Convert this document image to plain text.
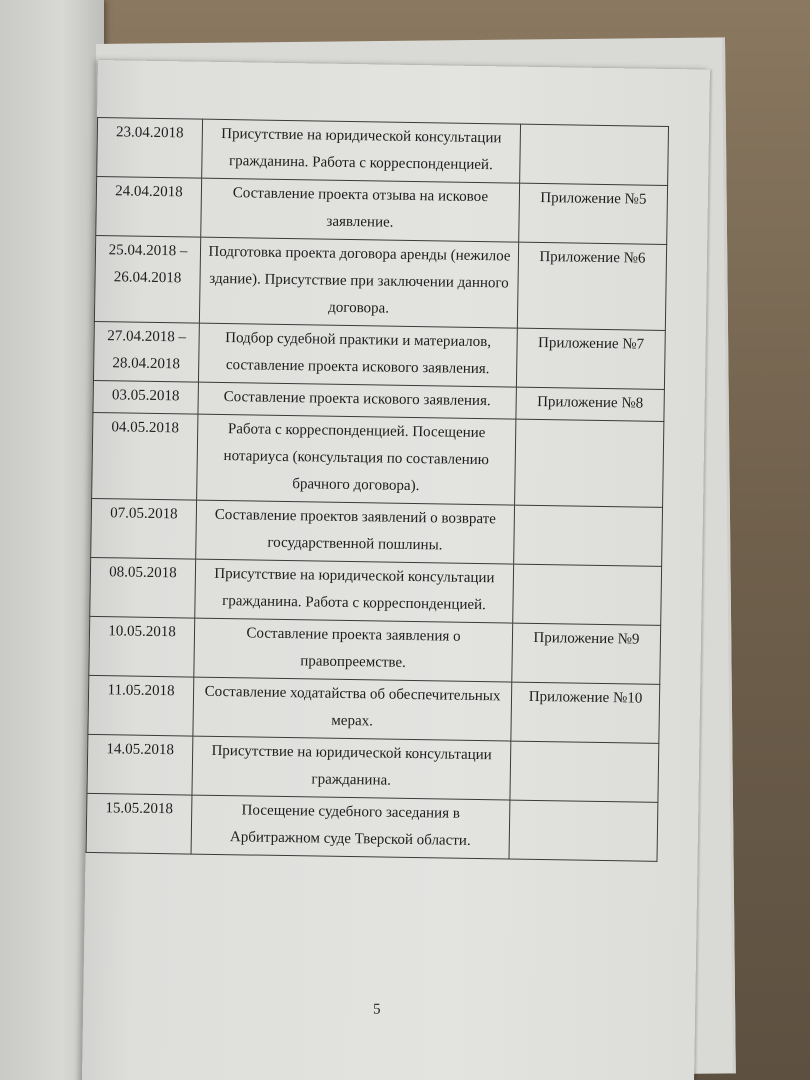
23.04.2018	Присутствие на юридической консультации гражданина. Работа с корреспонденцией.	
24.04.2018	Составление проекта отзыва на исковое заявление.	Приложение №5
25.04.2018 – 26.04.2018	Подготовка проекта договора аренды (нежилое здание). Присутствие при заключении данного договора.	Приложение №6
27.04.2018 – 28.04.2018	Подбор судебной практики и материалов, составление проекта искового заявления.	Приложение №7
03.05.2018	Составление проекта искового заявления.	Приложение №8
04.05.2018	Работа с корреспонденцией. Посещение нотариуса (консультация по составлению брачного договора).	
07.05.2018	Составление проектов заявлений о возврате государственной пошлины.	
08.05.2018	Присутствие на юридической консультации гражданина. Работа с корреспонденцией.	
10.05.2018	Составление проекта заявления о правопреемстве.	Приложение №9
11.05.2018	Составление ходатайства об обеспечительных мерах.	Приложение №10
14.05.2018	Присутствие на юридической консультации гражданина.	
15.05.2018	Посещение судебного заседания в Арбитражном суде Тверской области.	
5
